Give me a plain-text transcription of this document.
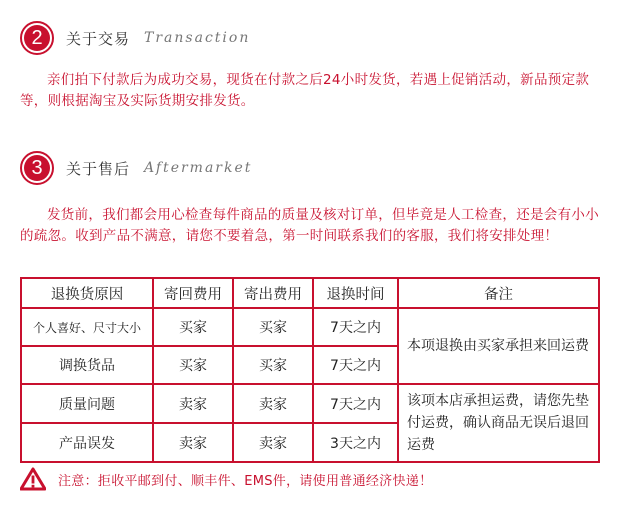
2	关于交易 Transaction
亲们拍下付款后为成功交易，现货在付款之后24小时发货，若遇上促销活动，新品预定款等，则根据淘宝及实际货期安排发货。
3	关于售后 Aftermarket
发货前，我们都会用心检查每件商品的质量及核对订单，但毕竟是人工检查，还是会有小小的疏忽。收到产品不满意，请您不要着急，第一时间联系我们的客服，我们将安排处理！
退换货原因	寄回费用	寄出费用	退换时间	备注
个人喜好、尺寸大小	买家	买家	7天之内	本项退换由买家承担来回运费
调换货品	买家	买家	7天之内	
质量问题	卖家	卖家	7天之内	该项本店承担运费，请您先垫付运费，确认商品无误后退回运费
产品误发	卖家	卖家	3天之内	
注意：拒收平邮到付、顺丰件、EMS件，请使用普通经济快递！
